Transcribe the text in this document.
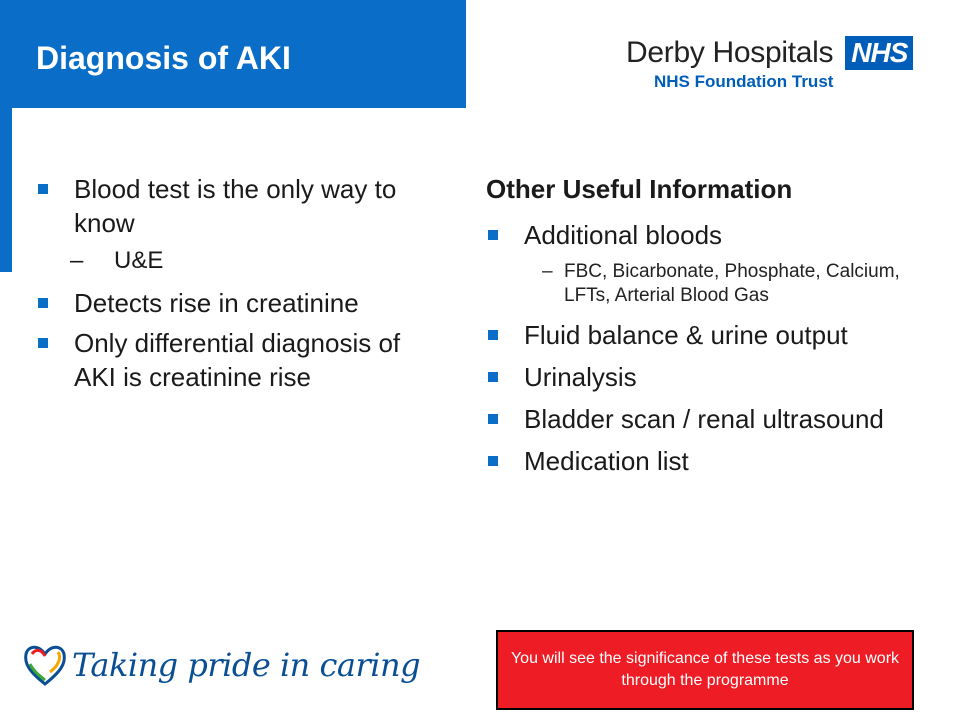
Diagnosis of AKI	Derby Hospitals NHS
NHS Foundation Trust
Blood test is the only way to know
– U&E
Detects rise in creatinine
Only differential diagnosis of AKI is creatinine rise
Other Useful Information
Additional bloods
– FBC, Bicarbonate, Phosphate, Calcium, LFTs, Arterial Blood Gas
Fluid balance & urine output
Urinalysis
Bladder scan / renal ultrasound
Medication list
You will see the significance of these tests as you work through the programme
Taking pride in caring
